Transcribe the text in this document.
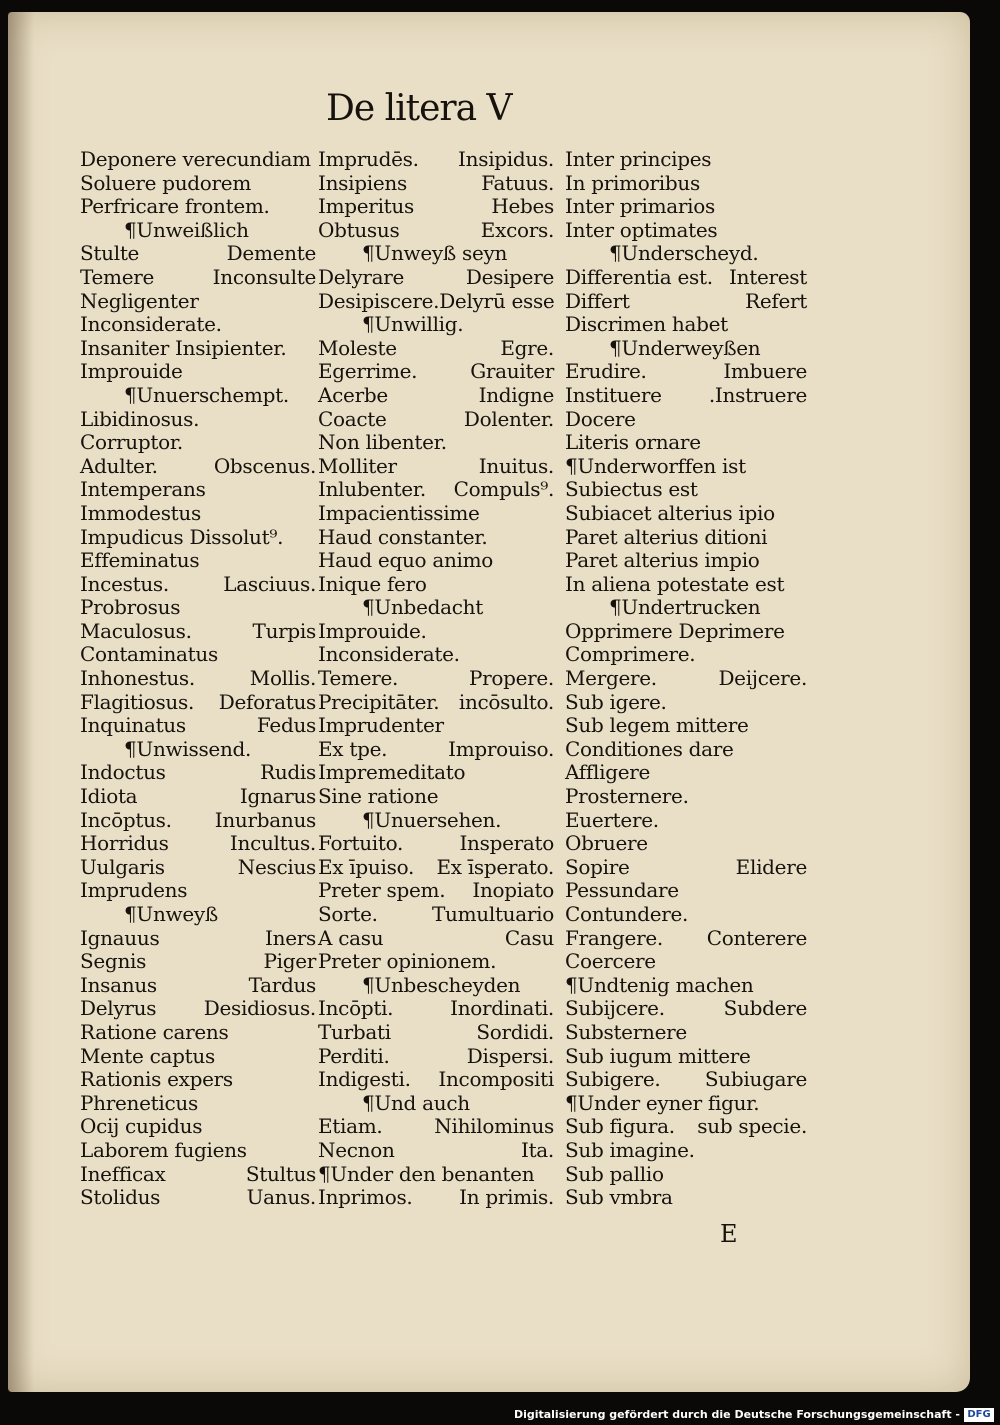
De litera V
Deponere verecundiam
Soluere pudorem
Perfricare frontem.
¶Unweißlich
Stulte	Demente
Temere	Inconsulte
Negligenter
Inconsiderate.
Insaniter Insipienter.
Improuide
¶Unuerschempt.
Libidinosus.
Corruptor.
Adulter.	Obscenus.
Intemperans
Immodestus
Impudicus Dissolut⁹.
Effeminatus
Incestus.	Lasciuus.
Probrosus
Maculosus.	Turpis
Contaminatus
Inhonestus.	Mollis.
Flagitiosus. Deforatus
Inquinatus	Fedus
¶Unwissend.
Indoctus	Rudis
Idiota	Ignarus
Incōptus. Inurbanus
Horridus	Incultus.
Uulgaris	Nescius
Imprudens
¶Unweyß
Ignauus	Iners
Segnis	Piger
Insanus	Tardus
Delyrus Desidiosus.
Ratione carens
Mente captus
Rationis expers
Phreneticus
Ocij cupidus
Laborem fugiens
Inefficax	Stultus
Stolidus	Uanus.
Imprudēs. Insipidus.
Insipiens	Fatuus.
Imperitus	Hebes
Obtusus	Excors.
¶Unweyß seyn
Delyrare	Desipere
Desipiscere. Delyrū esse
¶Unwillig.
Moleste	Egre.
Egerrime.	Grauiter
Acerbe	Indigne
Coacte	Dolenter.
Non libenter.
Molliter	Inuitus.
Inlubenter. Compuls⁹.
Impacientissime
Haud constanter.
Haud equo animo
Inique fero
¶Unbedacht
Improuide.
Inconsiderate.
Temere.	Propere.
Precipitāter. incōsulto.
Imprudenter
Ex tpe.	Improuiso.
Impremeditato
Sine ratione
¶Unuersehen.
Fortuito.	Insperato
Ex īpuiso. Ex īsperato.
Preter spem. Inopiato
Sorte.	Tumultuario
A casu	Casu
Preter opinionem.
¶Unbescheyden
Incōpti.	Inordinati.
Turbati	Sordidi.
Perditi.	Dispersi.
Indigesti. Incompositi
¶Und auch
Etiam.	Nihilominus
Necnon	Ita.
¶Under den benanten
Inprimos. In primis.
Inter principes
In primoribus
Inter primarios
Inter optimates
¶Underscheyd.
Differentia est. Interest
Differt	Refert
Discrimen habet
¶Underweyßen
Erudire.	Imbuere
Instituere .Instruere
Docere
Literis ornare
¶Underworffen ist
Subiectus est
Subiacet alterius ipio
Paret alterius ditioni
Paret alterius impio
In aliena potestate est
¶Undertrucken
Opprimere Deprimere
Comprimere.
Mergere.	Deijcere.
Sub igere.
Sub legem mittere
Conditiones dare
Affligere
Prosternere.
Euertere.
Obruere
Sopire	Elidere
Pessundare
Contundere.
Frangere. Conterere
Coercere
¶Undtenig machen
Subijcere.	Subdere
Substernere
Sub iugum mittere
Subigere. Subiugare
¶Under eyner figur.
Sub figura. sub specie.
Sub imagine.
Sub pallio
Sub vmbra
E
Digitalisierung gefördert durch die Deutsche Forschungsgemeinschaft - DFG
